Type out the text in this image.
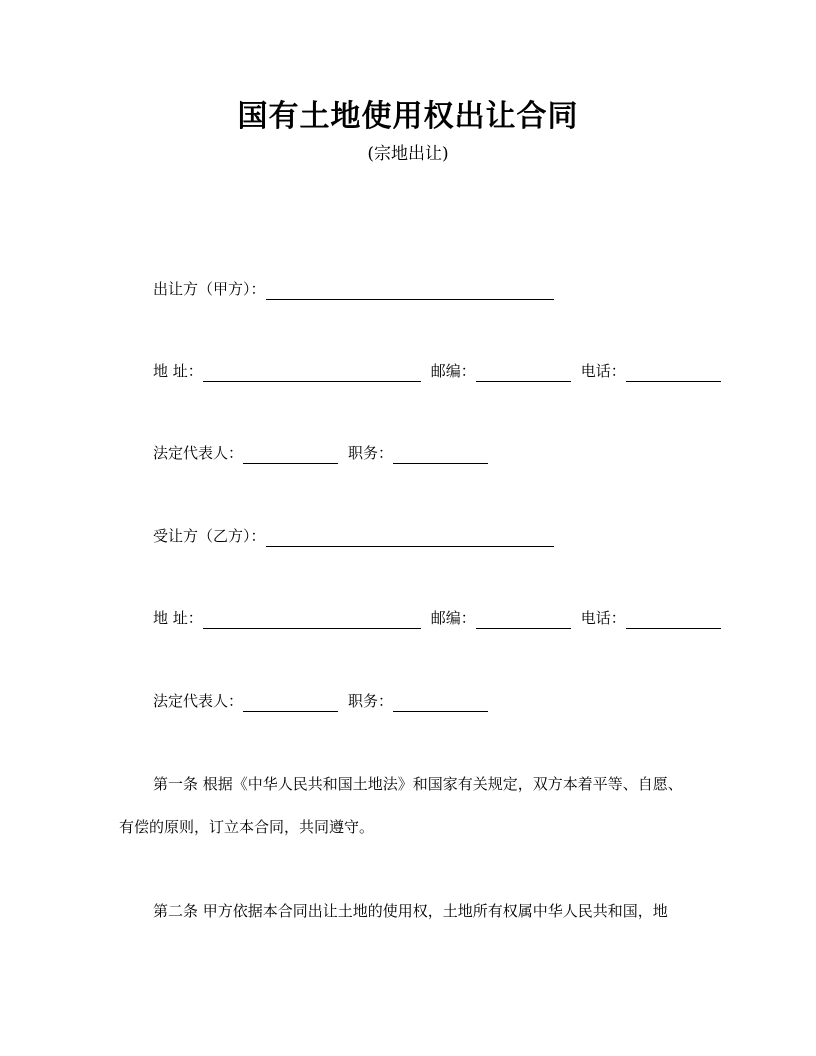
国有土地使用权出让合同
(宗地出让)
出让方（甲方）：
地 址：	邮编：	电话：
法定代表人：	职务：
受让方（乙方）：
地 址：	邮编：	电话：
法定代表人：	职务：
第一条 根据《中华人民共和国土地法》和国家有关规定，双方本着平等、自愿、
有偿的原则，订立本合同，共同遵守。
第二条 甲方依据本合同出让土地的使用权，土地所有权属中华人民共和国，地
